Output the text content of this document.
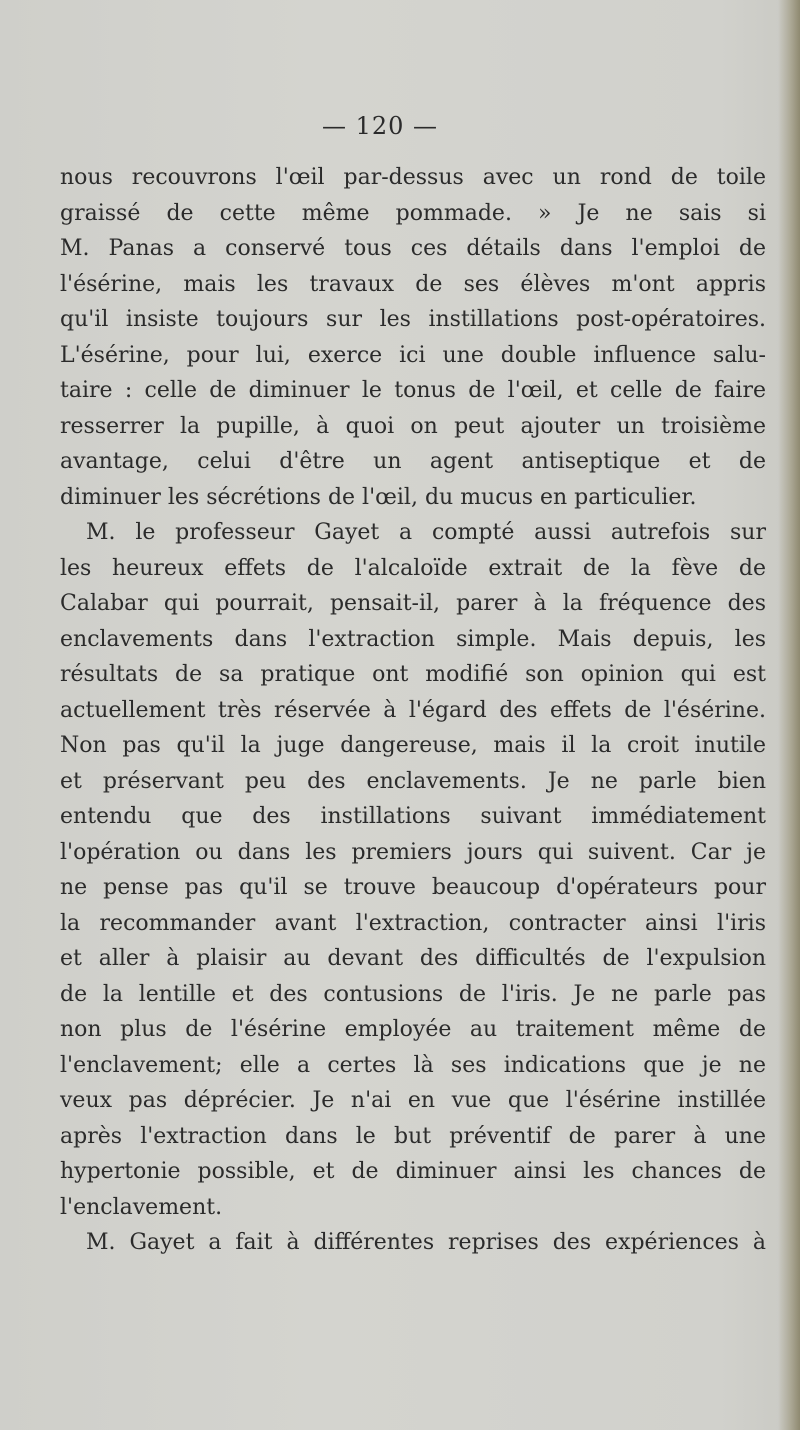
— 120 —
nous recouvrons l'œil par-dessus avec un rond de toile
graissé de cette même pommade. » Je ne sais si
M. Panas a conservé tous ces détails dans l'emploi de
l'ésérine, mais les travaux de ses élèves m'ont appris
qu'il insiste toujours sur les instillations post-opératoires.
L'ésérine, pour lui, exerce ici une double influence salu-
taire : celle de diminuer le tonus de l'œil, et celle de faire
resserrer la pupille, à quoi on peut ajouter un troisième
avantage, celui d'être un agent antiseptique et de
diminuer les sécrétions de l'œil, du mucus en particulier.
M. le professeur Gayet a compté aussi autrefois sur
les heureux effets de l'alcaloïde extrait de la fève de
Calabar qui pourrait, pensait-il, parer à la fréquence des
enclavements dans l'extraction simple. Mais depuis, les
résultats de sa pratique ont modifié son opinion qui est
actuellement très réservée à l'égard des effets de l'ésérine.
Non pas qu'il la juge dangereuse, mais il la croit inutile
et préservant peu des enclavements. Je ne parle bien
entendu que des instillations suivant immédiatement
l'opération ou dans les premiers jours qui suivent. Car je
ne pense pas qu'il se trouve beaucoup d'opérateurs pour
la recommander avant l'extraction, contracter ainsi l'iris
et aller à plaisir au devant des difficultés de l'expulsion
de la lentille et des contusions de l'iris. Je ne parle pas
non plus de l'ésérine employée au traitement même de
l'enclavement; elle a certes là ses indications que je ne
veux pas déprécier. Je n'ai en vue que l'ésérine instillée
après l'extraction dans le but préventif de parer à une
hypertonie possible, et de diminuer ainsi les chances de
l'enclavement.
M. Gayet a fait à différentes reprises des expériences à
